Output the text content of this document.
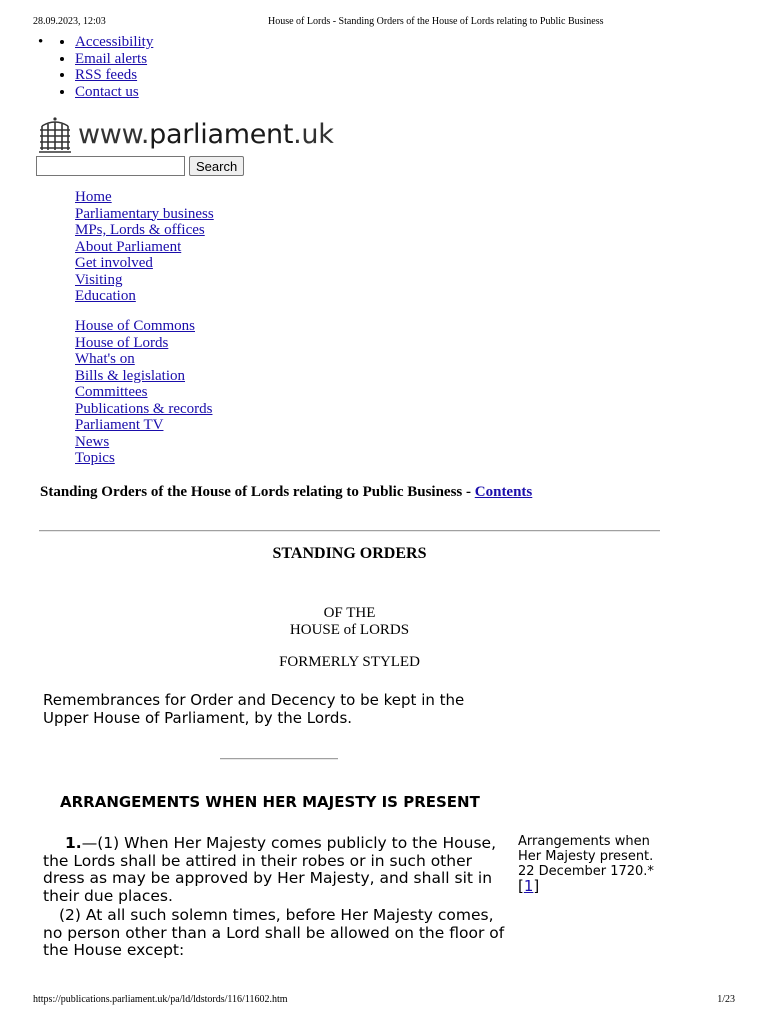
28.09.2023, 12:03	House of Lords - Standing Orders of the House of Lords relating to Public Business
•
• Accessibility
• Email alerts
• RSS feeds
• Contact us
www.parliament.uk
Search
Home
Parliamentary business
MPs, Lords & offices
About Parliament
Get involved
Visiting
Education
House of Commons
House of Lords
What's on
Bills & legislation
Committees
Publications & records
Parliament TV
News
Topics
Standing Orders of the House of Lords relating to Public Business - Contents
STANDING ORDERS
OF THE
HOUSE of LORDS
FORMERLY STYLED
Remembrances for Order and Decency to be kept in the Upper House of Parliament, by the Lords.
ARRANGEMENTS WHEN HER MAJESTY IS PRESENT
1.—(1) When Her Majesty comes publicly to the House, the Lords shall be attired in their robes or in such other dress as may be approved by Her Majesty, and shall sit in their due places.
(2) At all such solemn times, before Her Majesty comes, no person other than a Lord shall be allowed on the floor of the House except:
Arrangements when Her Majesty present.
22 December 1720.*[1]
https://publications.parliament.uk/pa/ld/ldstords/116/11602.htm	1/23
